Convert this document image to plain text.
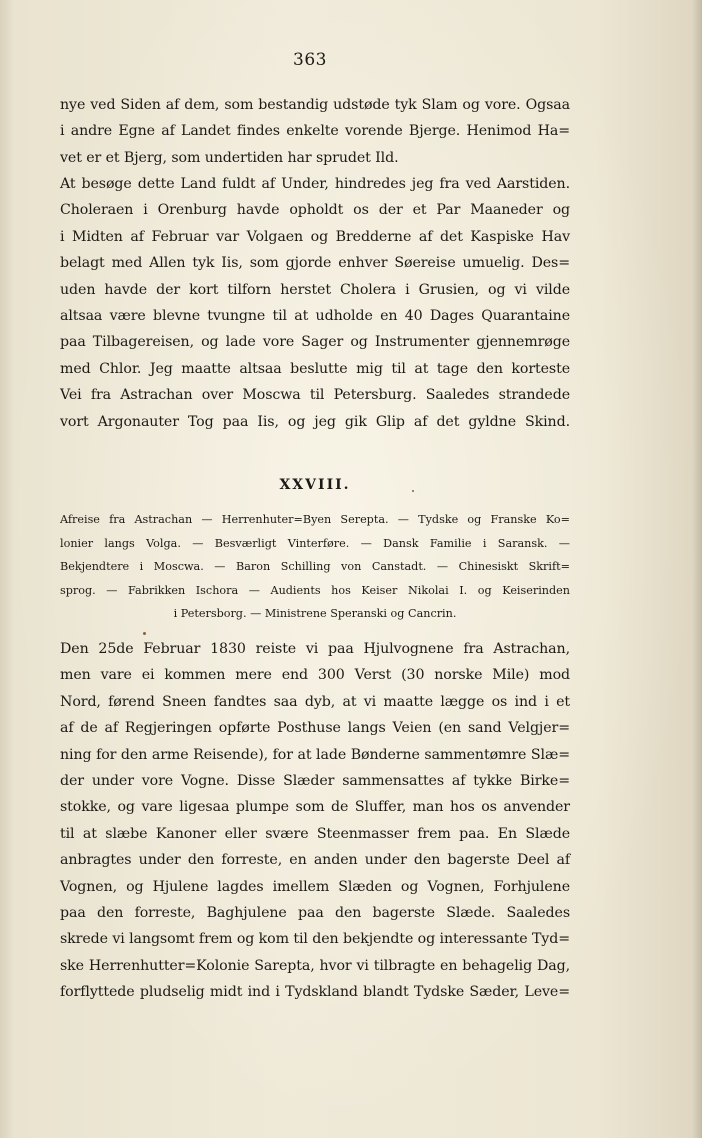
363
nye ved Siden af dem, som bestandig udstøde tyk Slam og vore. Ogsaa
i andre Egne af Landet findes enkelte vorende Bjerge. Henimod Ha=
vet er et Bjerg, som undertiden har sprudet Ild.
At besøge dette Land fuldt af Under, hindredes jeg fra ved Aarstiden.
Choleraen i Orenburg havde opholdt os der et Par Maaneder og
i Midten af Februar var Volgaen og Bredderne af det Kaspiske Hav
belagt med Allen tyk Iis, som gjorde enhver Søereise umuelig. Des=
uden havde der kort tilforn herstet Cholera i Grusien, og vi vilde
altsaa være blevne tvungne til at udholde en 40 Dages Quarantaine
paa Tilbagereisen, og lade vore Sager og Instrumenter gjennemrøge
med Chlor. Jeg maatte altsaa beslutte mig til at tage den korteste
Vei fra Astrachan over Moscwa til Petersburg. Saaledes strandede
vort Argonauter Tog paa Iis, og jeg gik Glip af det gyldne Skind.
XXVIII.
Afreise fra Astrachan — Herrenhuter=Byen Serepta. — Tydske og Franske Ko=
lonier langs Volga. — Besværligt Vinterføre. — Dansk Familie i Saransk. —
Bekjendtere i Moscwa. — Baron Schilling von Canstadt. — Chinesiskt Skrift=
sprog. — Fabrikken Ischora — Audients hos Keiser Nikolai I. og Keiserinden
i Petersborg. — Ministrene Speranski og Cancrin.
Den 25de Februar 1830 reiste vi paa Hjulvognene fra Astrachan,
men vare ei kommen mere end 300 Verst (30 norske Mile) mod
Nord, førend Sneen fandtes saa dyb, at vi maatte lægge os ind i et
af de af Regjeringen opførte Posthuse langs Veien (en sand Velgjer=
ning for den arme Reisende), for at lade Bønderne sammentømre Slæ=
der under vore Vogne. Disse Slæder sammensattes af tykke Birke=
stokke, og vare ligesaa plumpe som de Sluffer, man hos os anvender
til at slæbe Kanoner eller svære Steenmasser frem paa. En Slæde
anbragtes under den forreste, en anden under den bagerste Deel af
Vognen, og Hjulene lagdes imellem Slæden og Vognen, Forhjulene
paa den forreste, Baghjulene paa den bagerste Slæde. Saaledes
skrede vi langsomt frem og kom til den bekjendte og interessante Tyd=
ske Herrenhutter=Kolonie Sarepta, hvor vi tilbragte en behagelig Dag,
forflyttede pludselig midt ind i Tydskland blandt Tydske Sæder, Leve=
